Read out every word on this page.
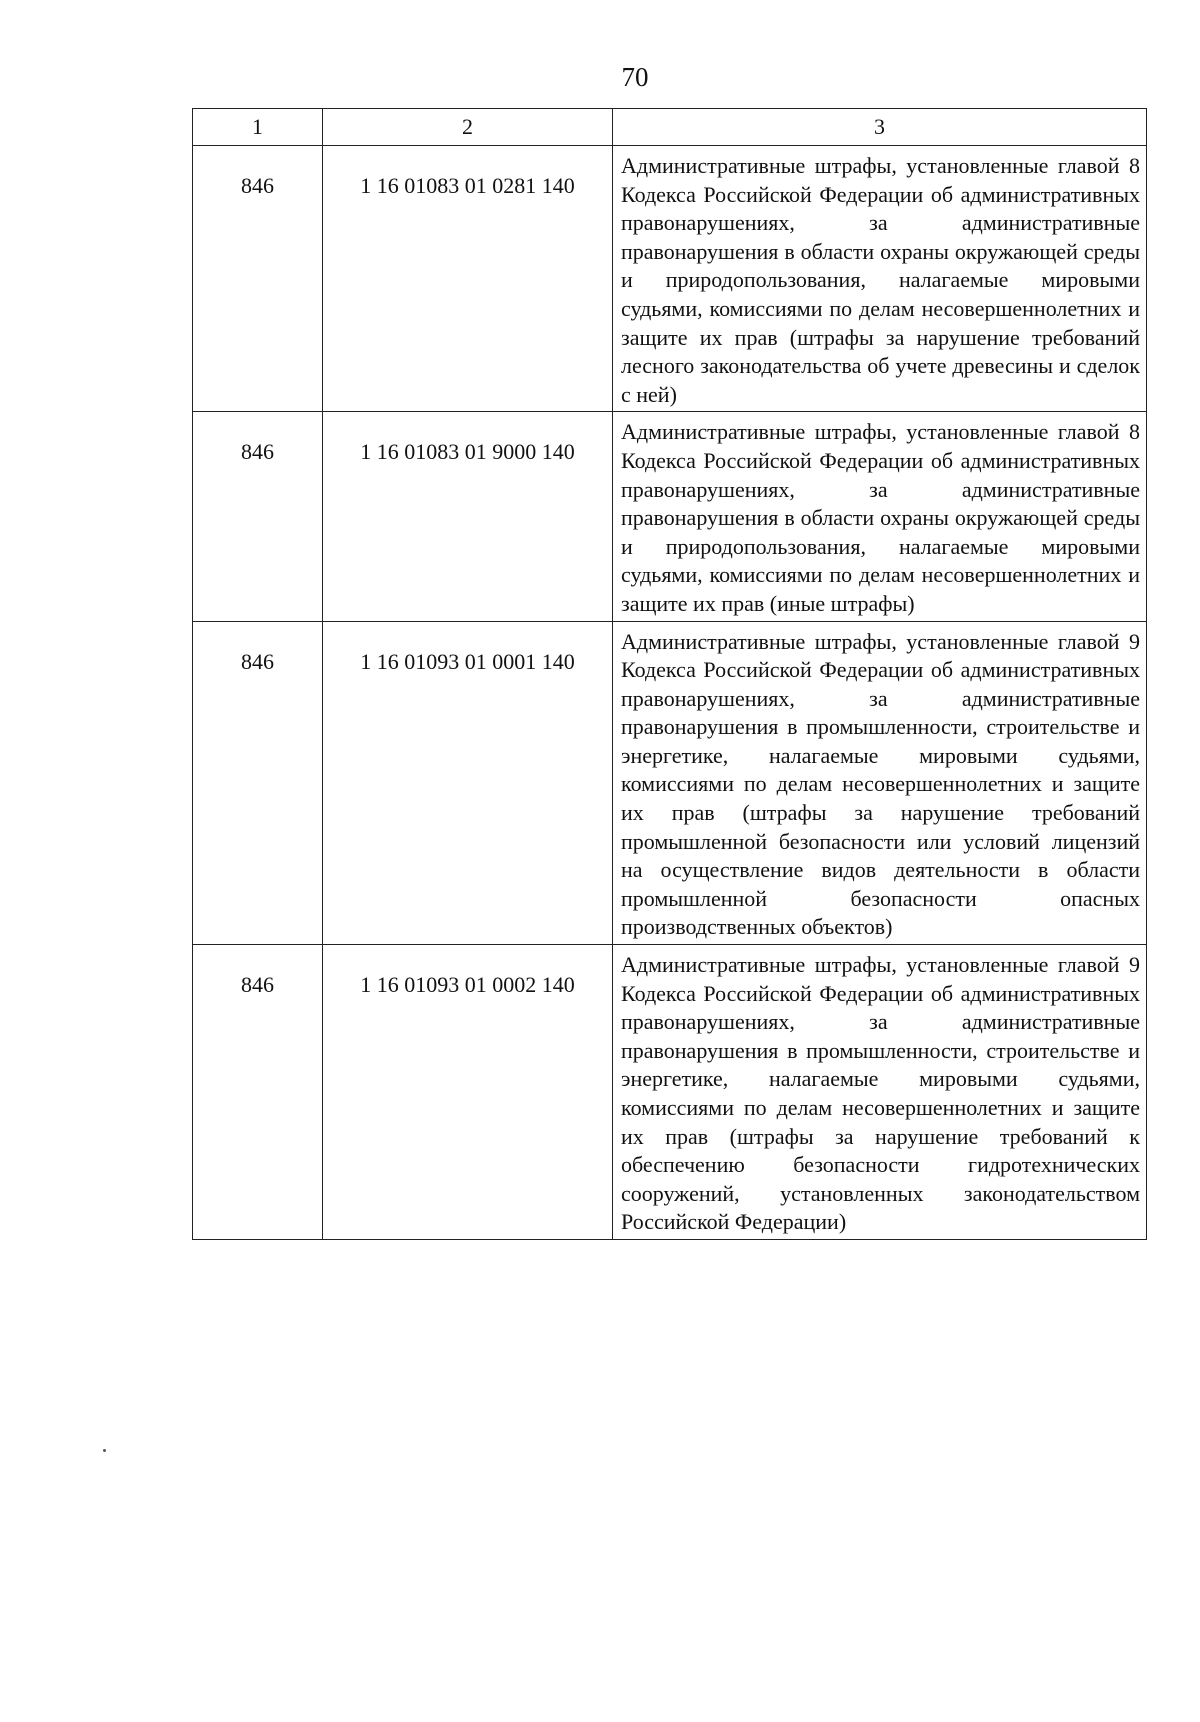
70
1	2	3
846	1 16 01083 01 0281 140	Административные штрафы, установленные главой 8 Кодекса Российской Федерации об административных правонарушениях, за административные правонарушения в области охраны окружающей среды и природопользования, налагаемые мировыми судьями, комиссиями по делам несовершеннолетних и защите их прав (штрафы за нарушение требований лесного законодательства об учете древесины и сделок с ней)
846	1 16 01083 01 9000 140	Административные штрафы, установленные главой 8 Кодекса Российской Федерации об административных правонарушениях, за административные правонарушения в области охраны окружающей среды и природопользования, налагаемые мировыми судьями, комиссиями по делам несовершеннолетних и защите их прав (иные штрафы)
846	1 16 01093 01 0001 140	Административные штрафы, установленные главой 9 Кодекса Российской Федерации об административных правонарушениях, за административные правонарушения в промышленности, строительстве и энергетике, налагаемые мировыми судьями, комиссиями по делам несовершеннолетних и защите их прав (штрафы за нарушение требований промышленной безопасности или условий лицензий на осуществление видов деятельности в области промышленной безопасности опасных производственных объектов)
846	1 16 01093 01 0002 140	Административные штрафы, установленные главой 9 Кодекса Российской Федерации об административных правонарушениях, за административные правонарушения в промышленности, строительстве и энергетике, налагаемые мировыми судьями, комиссиями по делам несовершеннолетних и защите их прав (штрафы за нарушение требований к обеспечению безопасности гидротехнических сооружений, установленных законодательством Российской Федерации)
